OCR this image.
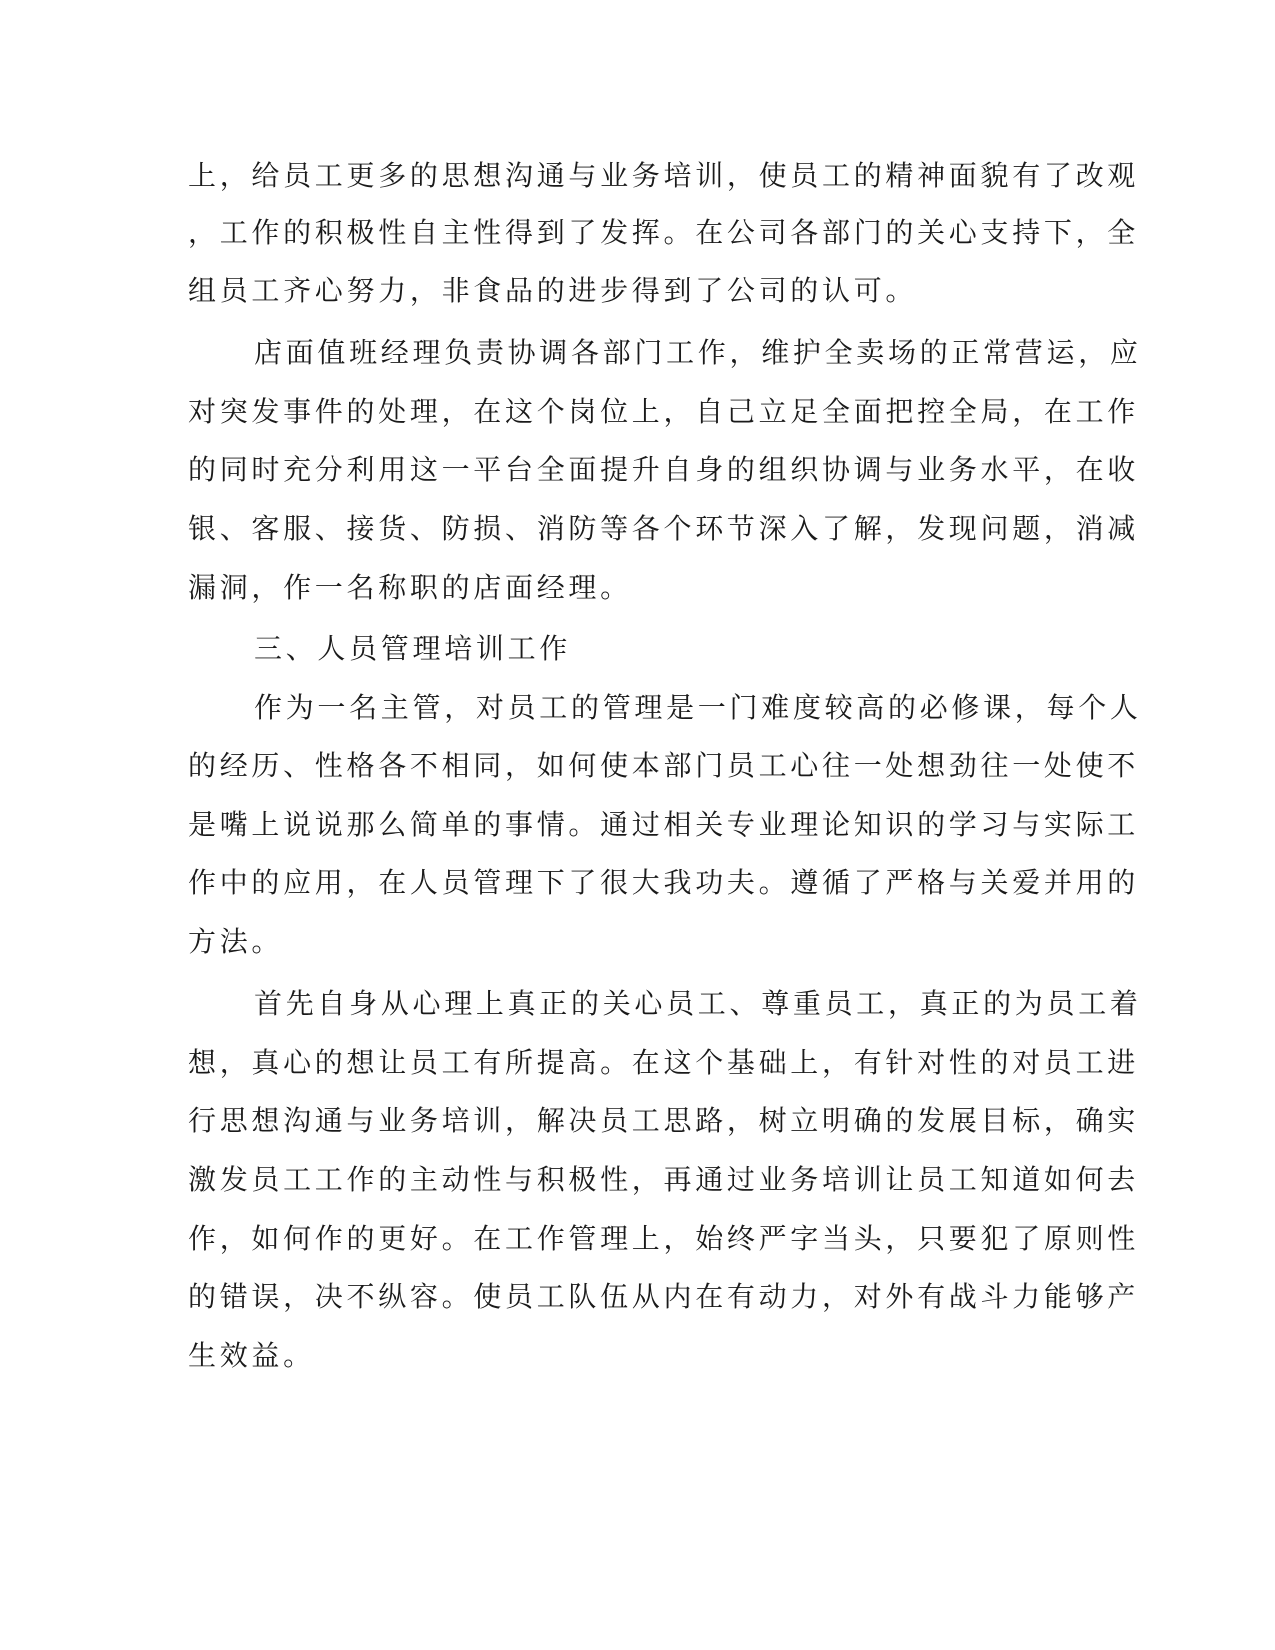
上，给员工更多的思想沟通与业务培训，使员工的精神面貌有了改观
，工作的积极性自主性得到了发挥。在公司各部门的关心支持下，全
组员工齐心努力，非食品的进步得到了公司的认可。
店面值班经理负责协调各部门工作，维护全卖场的正常营运，应
对突发事件的处理，在这个岗位上，自己立足全面把控全局，在工作
的同时充分利用这一平台全面提升自身的组织协调与业务水平，在收
银、客服、接货、防损、消防等各个环节深入了解，发现问题，消减
漏洞，作一名称职的店面经理。
三、人员管理培训工作
作为一名主管，对员工的管理是一门难度较高的必修课，每个人
的经历、性格各不相同，如何使本部门员工心往一处想劲往一处使不
是嘴上说说那么简单的事情。通过相关专业理论知识的学习与实际工
作中的应用，在人员管理下了很大我功夫。遵循了严格与关爱并用的
方法。
首先自身从心理上真正的关心员工、尊重员工，真正的为员工着
想，真心的想让员工有所提高。在这个基础上，有针对性的对员工进
行思想沟通与业务培训，解决员工思路，树立明确的发展目标，确实
激发员工工作的主动性与积极性，再通过业务培训让员工知道如何去
作，如何作的更好。在工作管理上，始终严字当头，只要犯了原则性
的错误，决不纵容。使员工队伍从内在有动力，对外有战斗力能够产
生效益。
